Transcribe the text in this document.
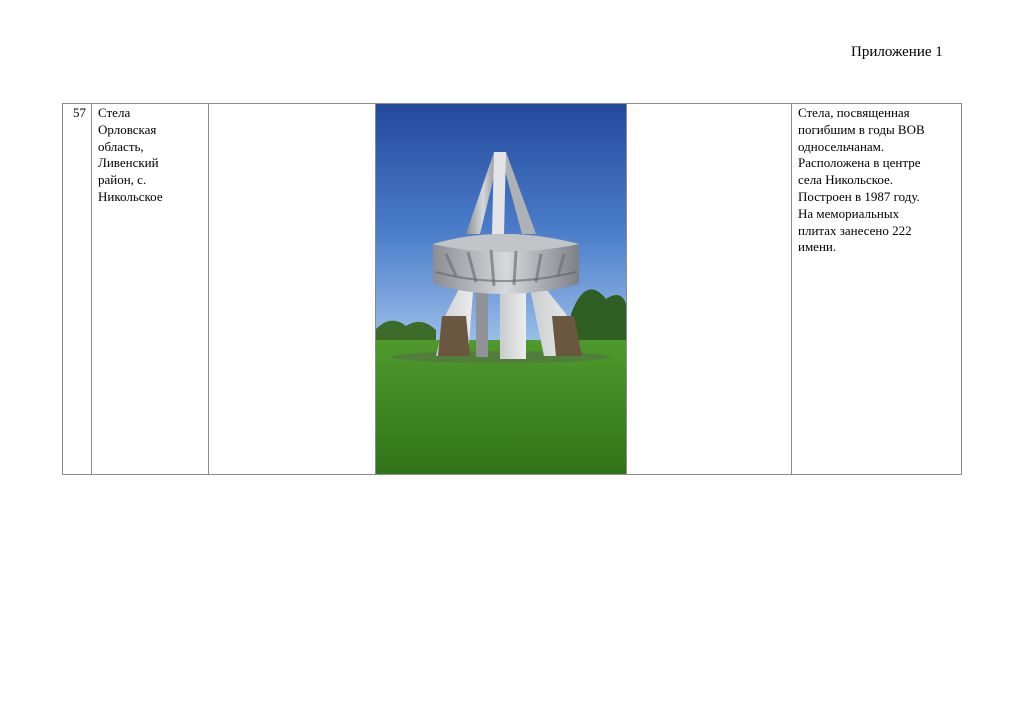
Приложение 1
57 Стела
Орловская
область,
Ливенский
район, с.
Никольское
Стела, посвященная
погибшим в годы ВОВ
односельчанам.
Расположена в центре
села Никольское.
Построен в 1987 году.
На мемориальных
плитах занесено 222
имени.
